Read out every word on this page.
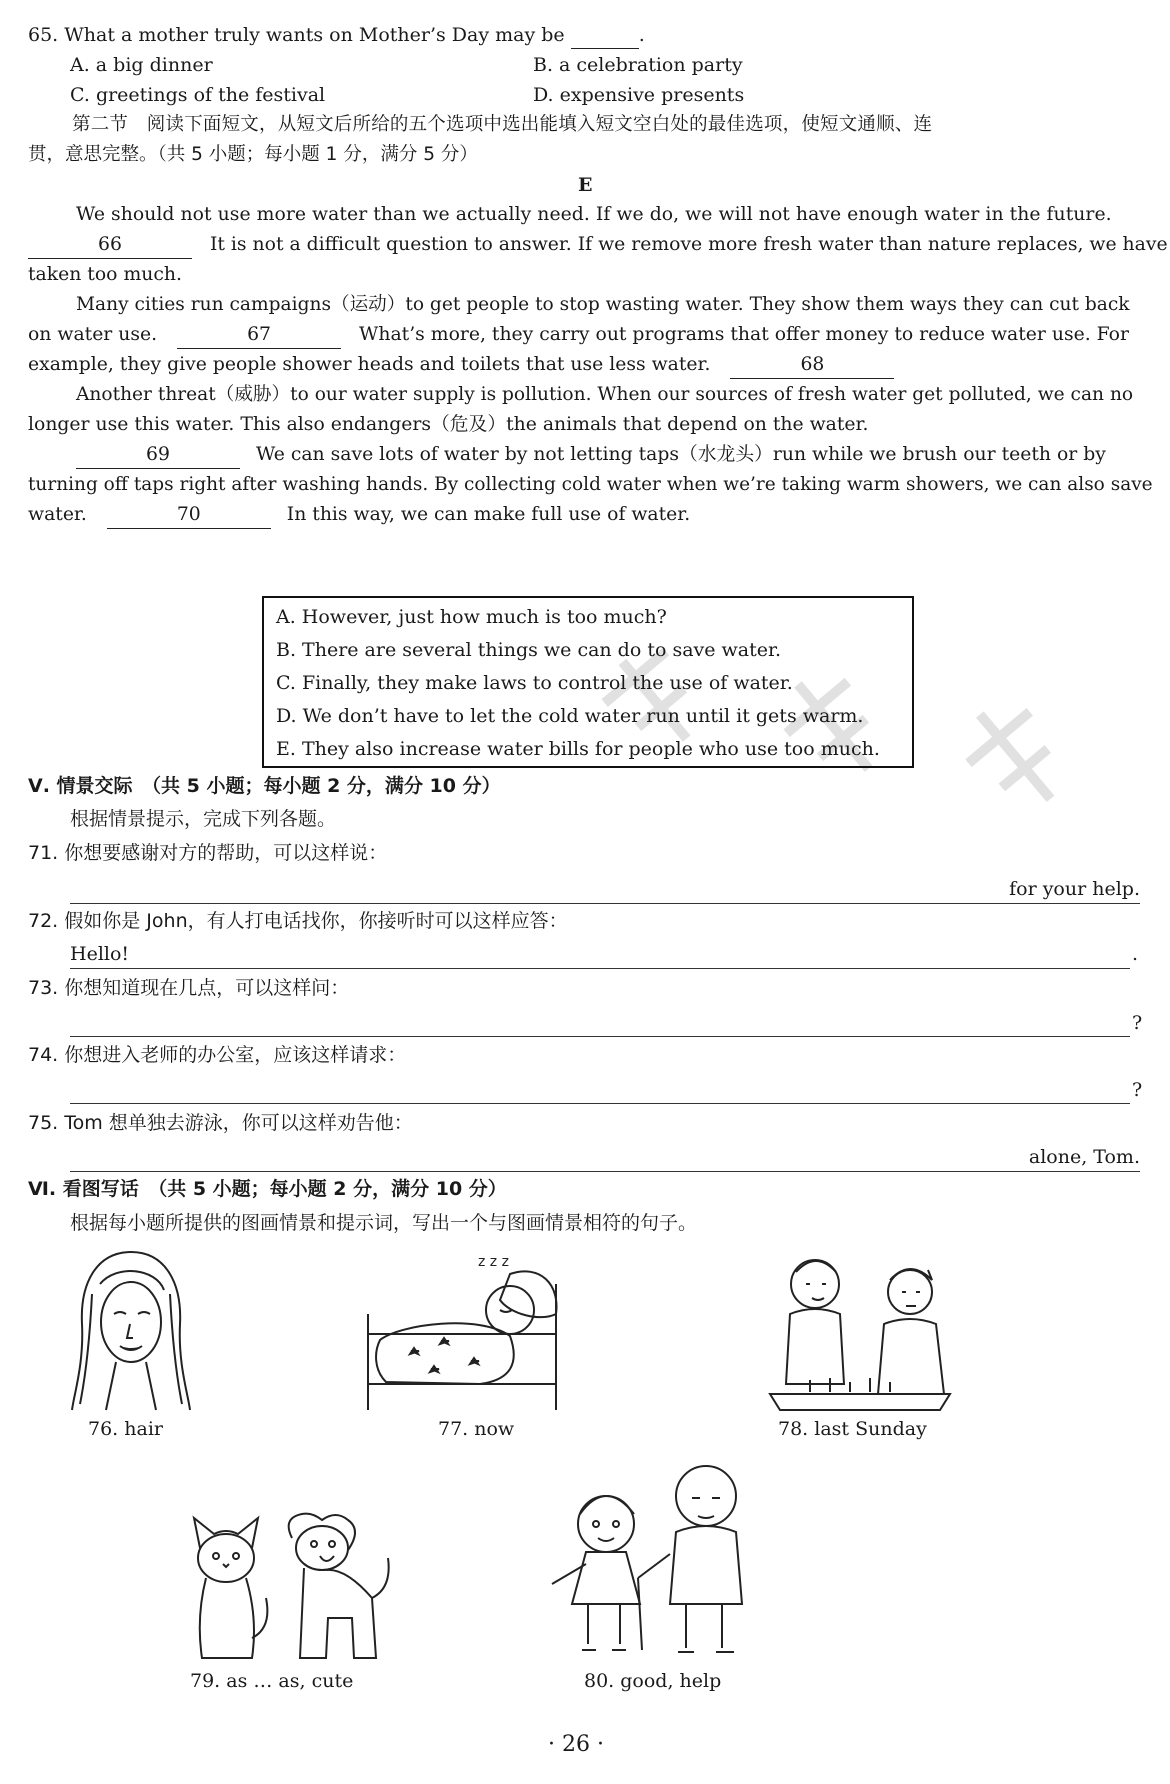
65. What a mother truly wants on Mother’s Day may be	.
A. a big dinner	B. a celebration party
C. greetings of the festival	D. expensive presents
第二节　阅读下面短文，从短文后所给的五个选项中选出能填入短文空白处的最佳选项，使短文通顺、连
贯，意思完整。（共 5 小题；每小题 1 分，满分 5 分）
E
We should not use more water than we actually need. If we do, we will not have enough water in the future.
66	It is not a difficult question to answer. If we remove more fresh water than nature replaces, we have
taken too much.
Many cities run campaigns（运动）to get people to stop wasting water. They show them ways they can cut back
on water use.	67	What’s more, they carry out programs that offer money to reduce water use. For
example, they give people shower heads and toilets that use less water.	68
Another threat（威胁）to our water supply is pollution. When our sources of fresh water get polluted, we can no
longer use this water. This also endangers（危及）the animals that depend on the water.
69	We can save lots of water by not letting taps（水龙头）run while we brush our teeth or by
turning off taps right after washing hands. By collecting cold water when we’re taking warm showers, we can also save
water.	70	In this way, we can make full use of water.
A. However, just how much is too much?
B. There are several things we can do to save water.
C. Finally, they make laws to control the use of water.
D. We don’t have to let the cold water run until it gets warm.
E. They also increase water bills for people who use too much.
Ⅴ. 情景交际　（共 5 小题；每小题 2 分，满分 10 分）
根据情景提示，完成下列各题。
71. 你想要感谢对方的帮助，可以这样说：
for your help.
72. 假如你是 John，有人打电话找你，你接听时可以这样应答：
Hello!	.
73. 你想知道现在几点，可以这样问：
?
74. 你想进入老师的办公室，应该这样请求：
?
75. Tom 想单独去游泳，你可以这样劝告他：
alone, Tom.
Ⅵ. 看图写话　（共 5 小题；每小题 2 分，满分 10 分）
根据每小题所提供的图画情景和提示词，写出一个与图画情景相符的句子。
76. hair
z z z
77. now	78. last Sunday
79. as … as, cute	80. good, help
· 26 ·
